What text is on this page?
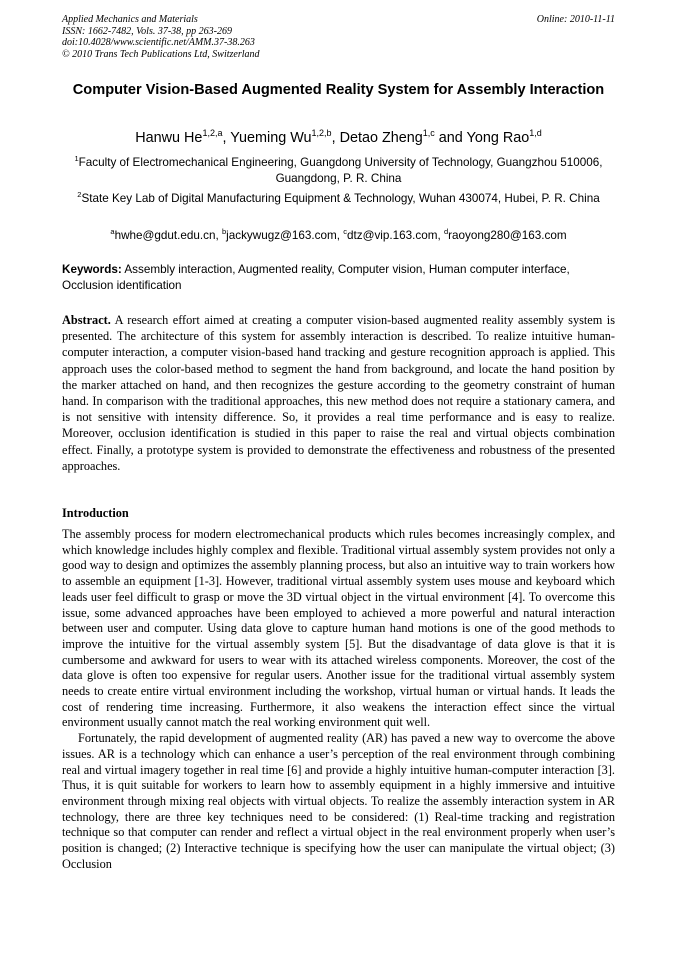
Applied Mechanics and Materials
ISSN: 1662-7482, Vols. 37-38, pp 263-269
doi:10.4028/www.scientific.net/AMM.37-38.263
© 2010 Trans Tech Publications Ltd, Switzerland
Online: 2010-11-11
Computer Vision-Based Augmented Reality System for Assembly Interaction
Hanwu He$^{1,2,a}$, Yueming Wu$^{1,2,b}$, Detao Zheng$^{1,c}$ and Yong Rao$^{1,d}$
$^1$Faculty of Electromechanical Engineering, Guangdong University of Technology, Guangzhou 510006, Guangdong, P. R. China
$^2$State Key Lab of Digital Manufacturing Equipment & Technology, Wuhan 430074, Hubei, P. R. China
$^a$hwhe@gdut.edu.cn, $^b$jackywugz@163.com, $^c$dtz@vip.163.com, $^d$raoyong280@163.com
Keywords: Assembly interaction, Augmented reality, Computer vision, Human computer interface, Occlusion identification
Abstract. A research effort aimed at creating a computer vision-based augmented reality assembly system is presented. The architecture of this system for assembly interaction is described. To realize intuitive human-computer interaction, a computer vision-based hand tracking and gesture recognition approach is applied. This approach uses the color-based method to segment the hand from background, and locate the hand position by the marker attached on hand, and then recognizes the gesture according to the geometry constraint of human hand. In comparison with the traditional approaches, this new method does not require a stationary camera, and is not sensitive with intensity difference. So, it provides a real time performance and is easy to realize. Moreover, occlusion identification is studied in this paper to raise the real and virtual objects combination effect. Finally, a prototype system is provided to demonstrate the effectiveness and robustness of the presented approaches.
Introduction

The assembly process for modern electromechanical products which rules becomes increasingly complex, and which knowledge includes highly complex and flexible. Traditional virtual assembly system provides not only a good way to design and optimizes the assembly planning process, but also an intuitive way to train workers how to assemble an equipment [1-3]. However, traditional virtual assembly system uses mouse and keyboard which leads user feel difficult to grasp or move the 3D virtual object in the virtual environment [4]. To overcome this issue, some advanced approaches have been employed to achieved a more powerful and natural interaction between user and computer. Using data glove to capture human hand motions is one of the good methods to improve the intuitive for the virtual assembly system [5]. But the disadvantage of data glove is that it is cumbersome and awkward for users to wear with its attached wireless components. Moreover, the cost of the data glove is often too expensive for regular users. Another issue for the traditional virtual assembly system needs to create entire virtual environment including the workshop, virtual human or virtual hands. It leads the cost of rendering time increasing. Furthermore, it also weakens the interaction effect since the virtual environment usually cannot match the real working environment quit well.

Fortunately, the rapid development of augmented reality (AR) has paved a new way to overcome the above issues. AR is a technology which can enhance a user’s perception of the real environment through combining real and virtual imagery together in real time [6] and provide a highly intuitive human-computer interaction [3]. Thus, it is quit suitable for workers to learn how to assembly equipment in a highly immersive and intuitive environment through mixing real objects with virtual objects. To realize the assembly interaction system in AR technology, there are three key techniques need to be considered: (1) Real-time tracking and registration technique so that computer can render and reflect a virtual object in the real environment properly when user’s position is changed; (2) Interactive technique is specifying how the user can manipulate the virtual object; (3) Occlusion
